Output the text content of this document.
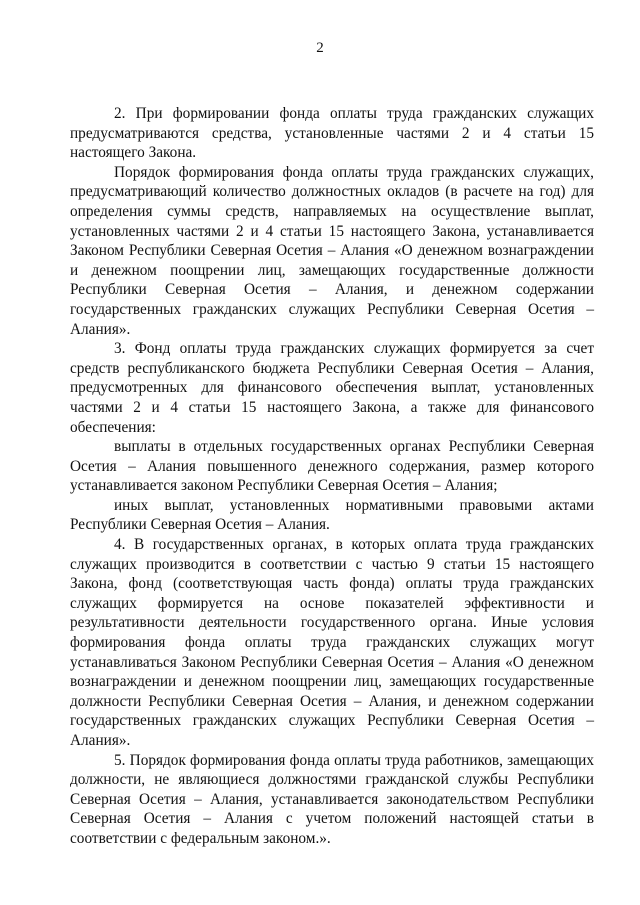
2

2. При формировании фонда оплаты труда гражданских служащих предусматриваются средства, установленные частями 2 и 4 статьи 15 настоящего Закона.

Порядок формирования фонда оплаты труда гражданских служащих, предусматривающий количество должностных окладов (в расчете на год) для определения суммы средств, направляемых на осуществление выплат, установленных частями 2 и 4 статьи 15 настоящего Закона, устанавливается Законом Республики Северная Осетия – Алания «О денежном вознаграждении и денежном поощрении лиц, замещающих государственные должности Республики Северная Осетия – Алания, и денежном содержании государственных гражданских служащих Республики Северная Осетия – Алания».

3. Фонд оплаты труда гражданских служащих формируется за счет средств республиканского бюджета Республики Северная Осетия – Алания, предусмотренных для финансового обеспечения выплат, установленных частями 2 и 4 статьи 15 настоящего Закона, а также для финансового обеспечения:

выплаты в отдельных государственных органах Республики Северная Осетия – Алания повышенного денежного содержания, размер которого устанавливается законом Республики Северная Осетия – Алания;

иных выплат, установленных нормативными правовыми актами Республики Северная Осетия – Алания.

4. В государственных органах, в которых оплата труда гражданских служащих производится в соответствии с частью 9 статьи 15 настоящего Закона, фонд (соответствующая часть фонда) оплаты труда гражданских служащих формируется на основе показателей эффективности и результативности деятельности государственного органа. Иные условия формирования фонда оплаты труда гражданских служащих могут устанавливаться Законом Республики Северная Осетия – Алания «О денежном вознаграждении и денежном поощрении лиц, замещающих государственные должности Республики Северная Осетия – Алания, и денежном содержании государственных гражданских служащих Республики Северная Осетия – Алания».

5. Порядок формирования фонда оплаты труда работников, замещающих должности, не являющиеся должностями гражданской службы Республики Северная Осетия – Алания, устанавливается законодательством Республики Северная Осетия – Алания с учетом положений настоящей статьи в соответствии с федеральным законом.».
